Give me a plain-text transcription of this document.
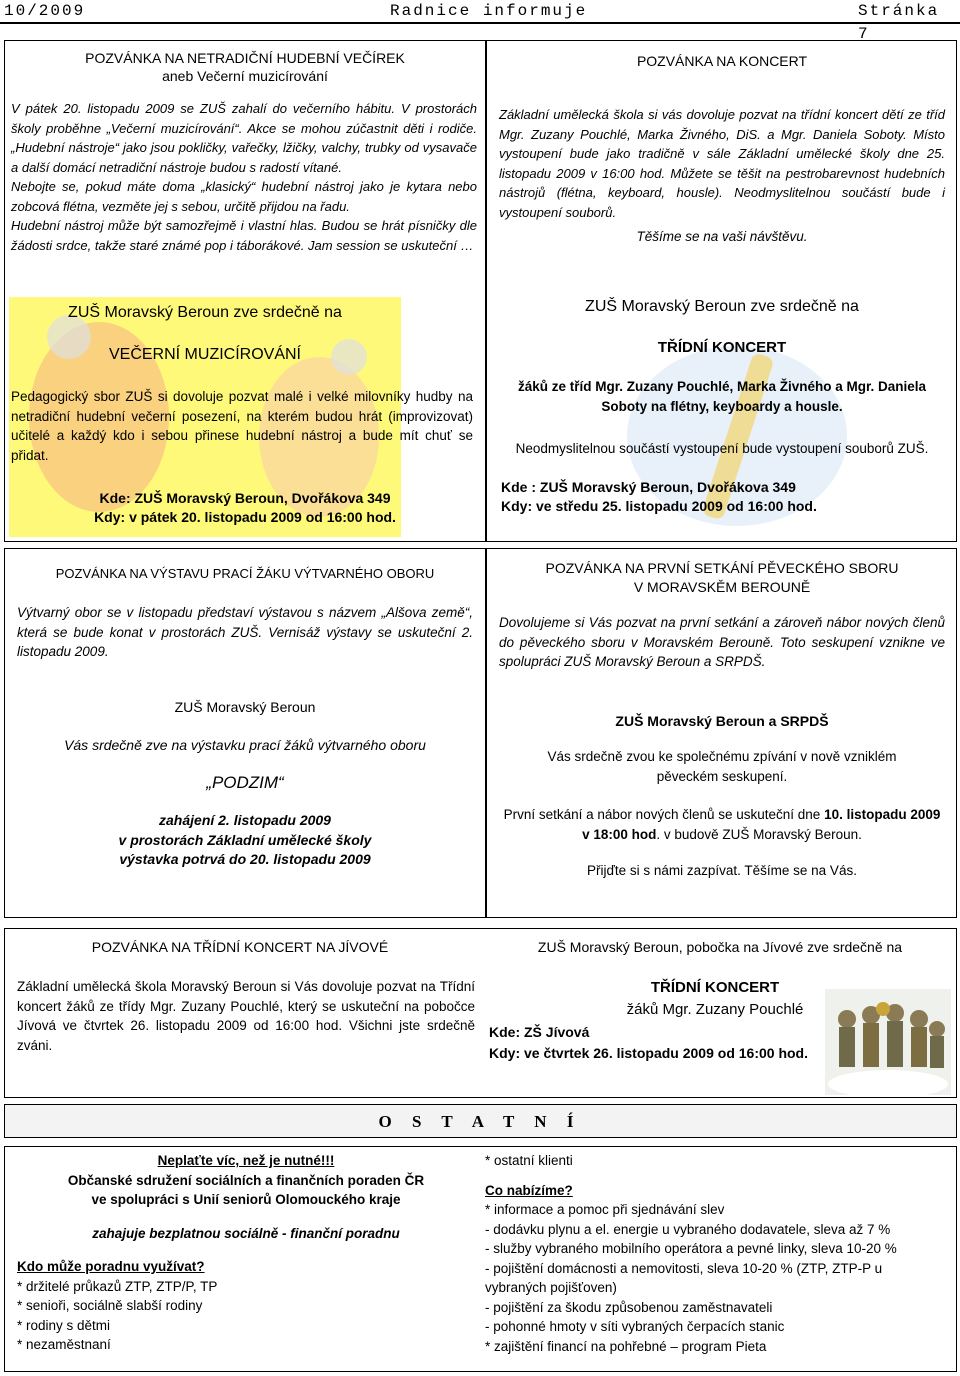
10/2009	Radnice informuje	Stránka 7
POZVÁNKA NA NETRADIČNÍ HUDEBNÍ VEČÍREK
aneb Večerní muzicírování

V pátek 20. listopadu 2009 se ZUŠ zahalí do večerního hábitu. V prostorách školy proběhne „Večerní muzicírování“. Akce se mohou zúčastnit děti i rodiče. „Hudební nástroje“ jako jsou pokličky, vařečky, lžičky, valchy, trubky od vysavače a další domácí netradiční nástroje budou s radostí vítané.

Nebojte se, pokud máte doma „klasický“ hudební nástroj jako je kytara nebo zobcová flétna, vezměte jej s sebou, určitě přijdou na řadu.

Hudební nástroj může být samozřejmě i vlastní hlas. Budou se hrát písničky dle žádosti srdce, takže staré známé pop i táborákové. Jam session se uskuteční …

ZUŠ Moravský Beroun zve srdečně na
VEČERNÍ MUZICÍROVÁNÍ
Pedagogický sbor ZUŠ si dovoluje pozvat malé i velké milovníky hudby na netradiční hudební večerní posezení, na kterém budou hrát (improvizovat) učitelé a každý kdo i sebou přinese hudební nástroj a bude mít chuť se přidat.
Kde: ZUŠ Moravský Beroun, Dvořákova 349
Kdy: v pátek 20. listopadu 2009 od 16:00 hod.
POZVÁNKA NA KONCERT
Základní umělecká škola si vás dovoluje pozvat na třídní koncert dětí ze tříd Mgr. Zuzany Pouchlé, Marka Živného, DiS. a Mgr. Daniela Soboty. Místo vystoupení bude jako tradičně v sále Základní umělecké školy dne 25. listopadu 2009 v 16:00 hod. Můžete se těšit na pestrobarevnost hudebních nástrojů (flétna, keyboard, housle). Neodmyslitelnou součástí bude i vystoupení souborů.
Těšíme se na vaši návštěvu.
ZUŠ Moravský Beroun zve srdečně na
TŘÍDNÍ KONCERT
žáků ze tříd Mgr. Zuzany Pouchlé, Marka Živného a Mgr. Daniela Soboty na flétny, keyboardy a housle.
Neodmyslitelnou součástí vystoupení bude vystoupení souborů ZUŠ.
Kde : ZUŠ Moravský Beroun, Dvořákova 349
Kdy: ve středu 25. listopadu 2009 od 16:00 hod.
POZVÁNKA NA VÝSTAVU PRACÍ ŽÁKU VÝTVARNÉHO OBORU
Výtvarný obor se v listopadu představí výstavou s názvem „Alšova země“, která se bude konat v prostorách ZUŠ. Vernisáž výstavy se uskuteční 2. listopadu 2009.
ZUŠ Moravský Beroun
Vás srdečně zve na výstavku prací žáků výtvarného oboru
„PODZIM“
zahájení 2. listopadu 2009
v prostorách Základní umělecké školy
výstavka potrvá do 20. listopadu 2009
POZVÁNKA NA PRVNÍ SETKÁNÍ PĚVECKÉHO SBORU
V MORAVSKĚM BEROUNĚ
Dovolujeme si Vás pozvat na první setkání a zároveň nábor nových členů do pěveckého sboru v Moravském Berouně. Toto seskupení vzniknе ve spolupráci ZUŠ Moravský Beroun a SRPDŠ.
ZUŠ Moravský Beroun a SRPDŠ
Vás srdečně zvou ke společnému zpívání v nově vzniklém pěveckém seskupení.
První setkání a nábor nových členů se uskuteční dne 10. listopadu 2009 v 18:00 hod. v budově ZUŠ Moravský Beroun.
Přijďte si s námi zazpívat. Těšíme se na Vás.
POZVÁNKA NA TŘÍDNÍ KONCERT NA JÍVOVÉ
Základní umělecká škola Moravský Beroun si Vás dovoluje pozvat na Třídní koncert žáků ze třídy Mgr. Zuzany Pouchlé, který se uskuteční na pobočce Jívová ve čtvrtek 26. listopadu 2009 od 16:00 hod. Všichni jste srdečně zváni.
ZUŠ Moravský Beroun, pobočka na Jívové zve srdečně na
TŘÍDNÍ KONCERT
žáků Mgr. Zuzany Pouchlé
Kde: ZŠ Jívová
Kdy: ve čtvrtek 26. listopadu 2009 od 16:00 hod.
O S T A T N Í
Neplaťte víc, než je nutné!!!
Občanské sdružení sociálních a finančních poraden ČR
ve spolupráci s Unií seniorů Olomouckého kraje
zahajuje bezplatnou sociálně - finanční poradnu
Kdo může poradnu využívat?
* držitelé průkazů ZTP, ZTP/P, TP
* senioři, sociálně slabší rodiny
* rodiny s dětmi
* nezaměstnaní
* ostatní klienti
Co nabízíme?
* informace a pomoc při sjednávání slev
- dodávku plynu a el. energie u vybraného dodavatele, sleva až 7 %
- služby vybraného mobilního operátora a pevné linky, sleva 10-20 %
- pojištění domácnosti a nemovitosti, sleva 10-20 % (ZTP, ZTP-P u vybraných pojišťoven)
- pojištění za škodu způsobenou zaměstnavateli
- pohonné hmoty v síti vybraných čerpacích stanic
* zajištění financí na pohřebné – program Pieta
